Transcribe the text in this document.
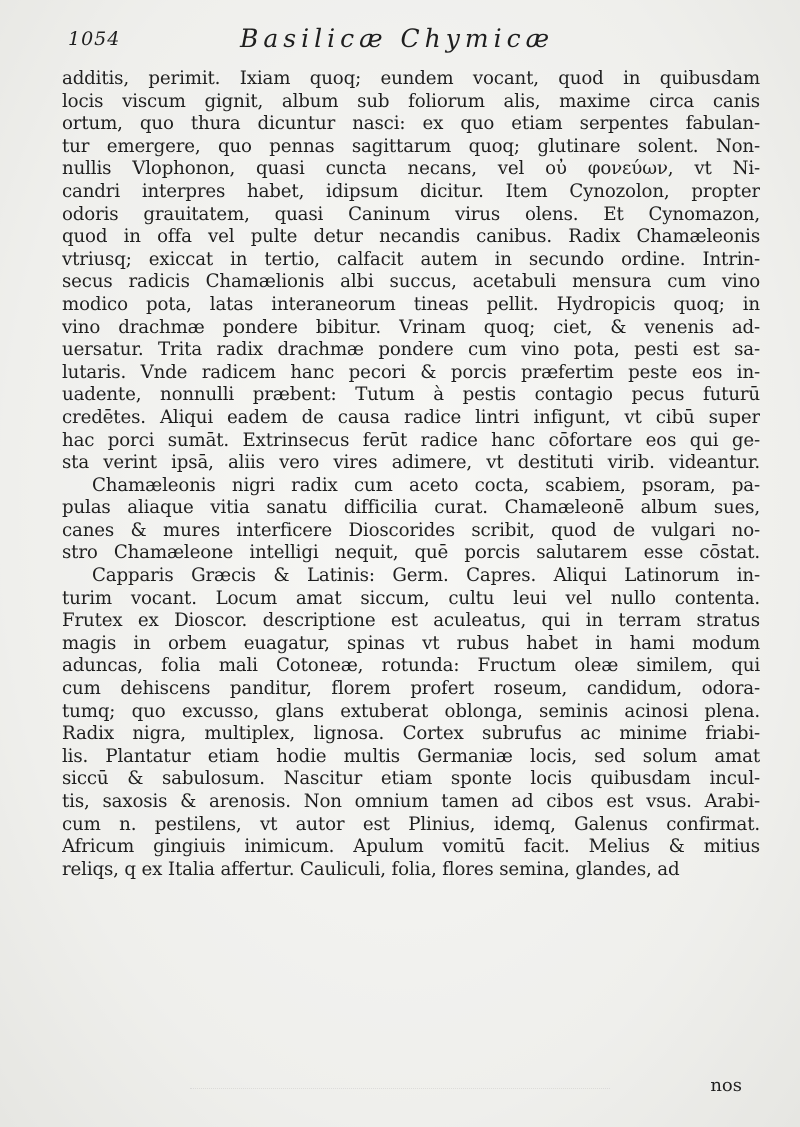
1054	Basilicæ Chymicæ
additis, perimit. Ixiam quoq; eundem vocant, quod in quibusdam
locis viscum gignit, album sub foliorum alis, maxime circa canis
ortum, quo thura dicuntur nasci: ex quo etiam serpentes fabulan-
tur emergere, quo pennas sagittarum quoq; glutinare solent. Non-
nullis Vlophonon, quasi cuncta necans, vel οὐ φονεύων, vt Ni-
candri interpres habet, idipsum dicitur. Item Cynozolon, propter
odoris grauitatem, quasi Caninum virus olens. Et Cynomazon,
quod in offa vel pulte detur necandis canibus. Radix Chamæleonis
vtriusq; exiccat in tertio, calfacit autem in secundo ordine. Intrin-
secus radicis Chamælionis albi succus, acetabuli mensura cum vino
modico pota, latas interaneorum tineas pellit. Hydropicis quoq; in
vino drachmæ pondere bibitur. Vrinam quoq; ciet, & venenis ad-
uersatur. Trita radix drachmæ pondere cum vino pota, pesti est sa-
lutaris. Vnde radicem hanc pecori & porcis præfertim peste eos in-
uadente, nonnulli præbent: Tutum à pestis contagio pecus futurū
credētes. Aliqui eadem de causa radice lintri infigunt, vt cibū super
hac porci sumāt. Extrinsecus ferūt radice hanc cōfortare eos qui ge-
sta verint ipsā, aliis vero vires adimere, vt destituti virib. videantur.
Chamæleonis nigri radix cum aceto cocta, scabiem, psoram, pa-
pulas aliaque vitia sanatu difficilia curat. Chamæleonē album sues,
canes & mures interficere Dioscorides scribit, quod de vulgari no-
stro Chamæleone intelligi nequit, quē porcis salutarem esse cōstat.
Capparis Græcis & Latinis: Germ. Capres. Aliqui Latinorum in-
turim vocant. Locum amat siccum, cultu leui vel nullo contenta.
Frutex ex Dioscor. descriptione est aculeatus, qui in terram stratus
magis in orbem euagatur, spinas vt rubus habet in hami modum
aduncas, folia mali Cotoneæ, rotunda: Fructum oleæ similem, qui
cum dehiscens panditur, florem profert roseum, candidum, odora-
tumq; quo excusso, glans extuberat oblonga, seminis acinosi plena.
Radix nigra, multiplex, lignosa. Cortex subrufus ac minime friabi-
lis. Plantatur etiam hodie multis Germaniæ locis, sed solum amat
siccū & sabulosum. Nascitur etiam sponte locis quibusdam incul-
tis, saxosis & arenosis. Non omnium tamen ad cibos est vsus. Arabi-
cum n. pestilens, vt autor est Plinius, idemq, Galenus confirmat.
Africum gingiuis inimicum. Apulum vomitū facit. Melius & mitius
reliqs, q ex Italia affertur. Cauliculi, folia, flores semina, glandes, ad
nos
